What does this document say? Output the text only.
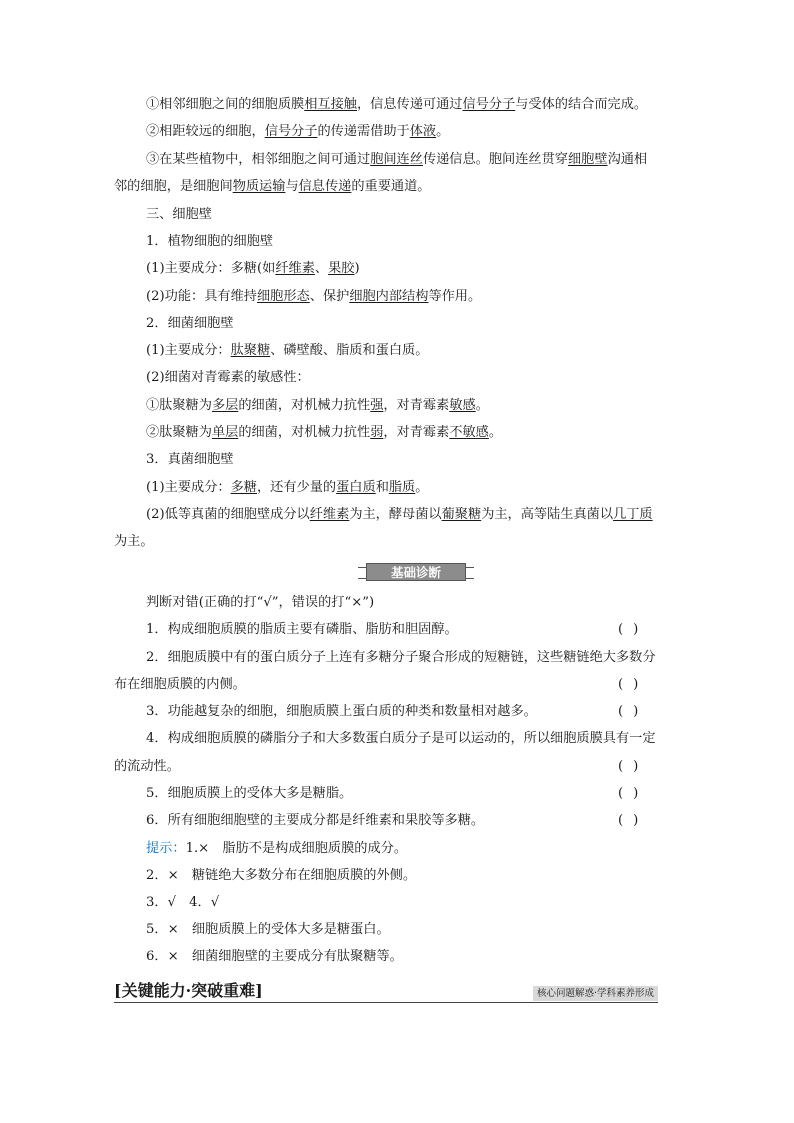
①相邻细胞之间的细胞质膜相互接触，信息传递可通过信号分子与受体的结合而完成。
②相距较远的细胞，信号分子的传递需借助于体液。
③在某些植物中，相邻细胞之间可通过胞间连丝传递信息。胞间连丝贯穿细胞壁沟通相
邻的细胞，是细胞间物质运输与信息传递的重要通道。
三、细胞壁
1．植物细胞的细胞壁
(1)主要成分：多糖(如纤维素、果胶)
(2)功能：具有维持细胞形态、保护细胞内部结构等作用。
2．细菌细胞壁
(1)主要成分：肽聚糖、磷壁酸、脂质和蛋白质。
(2)细菌对青霉素的敏感性：
①肽聚糖为多层的细菌，对机械力抗性强，对青霉素敏感。
②肽聚糖为单层的细菌，对机械力抗性弱，对青霉素不敏感。
3．真菌细胞壁
(1)主要成分：多糖，还有少量的蛋白质和脂质。
(2)低等真菌的细胞壁成分以纤维素为主，酵母菌以葡聚糖为主，高等陆生真菌以几丁质
为主。
基础诊断
判断对错(正确的打“√”，错误的打“×”)
1．构成细胞质膜的脂质主要有磷脂、脂肪和胆固醇。	()
2．细胞质膜中有的蛋白质分子上连有多糖分子聚合形成的短糖链，这些糖链绝大多数分
布在细胞质膜的内侧。	()
3．功能越复杂的细胞，细胞质膜上蛋白质的种类和数量相对越多。	()
4．构成细胞质膜的磷脂分子和大多数蛋白质分子是可以运动的，所以细胞质膜具有一定
的流动性。	()
5．细胞质膜上的受体大多是糖脂。	()
6．所有细胞细胞壁的主要成分都是纤维素和果胶等多糖。	()
提示：1.×　脂肪不是构成细胞质膜的成分。
2．×　糖链绝大多数分布在细胞质膜的外侧。
3．√　4．√
5．×　细胞质膜上的受体大多是糖蛋白。
6．×　细菌细胞壁的主要成分有肽聚糖等。
[关键能力·突破重难]	核心问题解惑·学科素养形成
